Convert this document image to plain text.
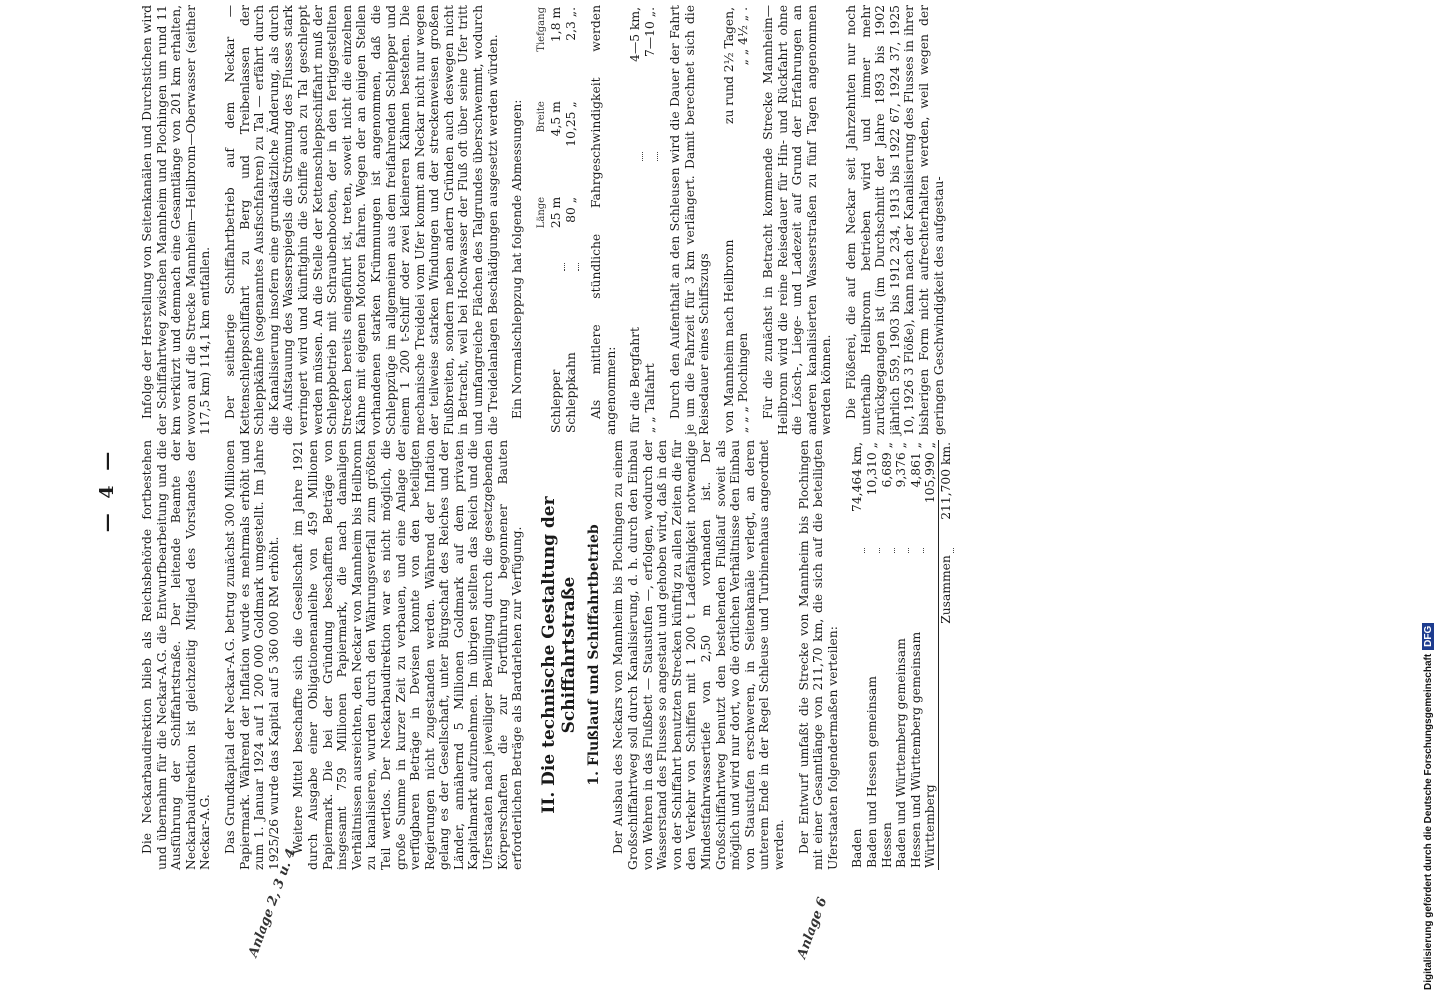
— 4 — Die Neckarbaudirektion blieb als Reichsbehörde fortbestehen und übernahm für die Neckar-A.G. die Entwurfbearbeitung und die Ausführung der Schiffahrtstraße. Der leitende Beamte der Neckarbaudirektion ist gleichzeitig Mitglied des Vorstandes der Neckar-A.G. Das Grundkapital der Neckar-A.G. betrug zunächst 300 Millionen Papiermark. Während der Inflation wurde es mehrmals erhöht und zum 1. Januar 1924 auf 1 200 000 Goldmark umgestellt. Im Jahre 1925/26 wurde das Kapital auf 5 360 000 RM erhöht. Weitere Mittel beschaffte sich die Gesellschaft im Jahre 1921 durch Ausgabe einer Obligationenanleihe von 459 Millionen Papiermark. Die bei der Gründung beschafften Beträge von insgesamt 759 Millionen Papiermark, die nach damaligen Verhältnissen ausreichten, den Neckar von Mannheim bis Heilbronn zu kanalisieren, wurden durch den Währungsverfall zum größten Teil wertlos. Der Neckarbaudirektion war es nicht möglich, die große Summe in kurzer Zeit zu verbauen, und eine Anlage der verfügbaren Beträge in Devisen konnte von den beteiligten Regierungen nicht zugestanden werden. Während der Inflation gelang es der Gesellschaft, unter Bürgschaft des Reiches und der Länder, annähernd 5 Millionen Goldmark auf dem privaten Kapitalmarkt aufzunehmen. Im übrigen stellten das Reich und die Uferstaaten nach jeweiliger Bewilligung durch die gesetzgebenden Körperschaften die zur Fortführung begonnener Bauten erforderlichen Beträge als Bardarlehen zur Verfügung. II. Die technische Gestaltung der Schiffahrtstraße 1. Flußlauf und Schiffahrtbetrieb Der Ausbau des Neckars von Mannheim bis Plochingen zu einem Großschiffahrtweg soll durch Kanalisierung, d. h. durch den Einbau von Wehren in das Flußbett — Staustufen —, erfolgen, wodurch der Wasserstand des Flusses so angestaut und gehoben wird, daß in den von der Schiffahrt benutzten Strecken künftig zu allen Zeiten die für den Verkehr von Schiffen mit 1 200 t Ladefähigkeit notwendige Mindestfahrwassertiefe von 2,50 m vorhanden ist. Der Großschiffahrtweg benutzt den bestehenden Flußlauf soweit als möglich und wird nur dort, wo die örtlichen Verhältnisse den Einbau von Staustufen erschweren, in Seitenkanäle verlegt, an deren unterem Ende in der Regel Schleuse und Turbinenhaus angeordnet werden. Der Entwurf umfaßt die Strecke von Mannheim bis Plochingen mit einer Gesamtlänge von 211,70 km, die sich auf die beteiligten Uferstaaten folgendermaßen verteilen: Baden		74,464 km,
Baden und Hessen gemeinsam		10,310 „
Hessen		6,689 „
Baden und Württemberg gemeinsam		9,376 „
Hessen und Württemberg gemeinsam		4,861 „
Württemberg		105,990 „
Zusammen		211,700 km.

Infolge der Herstellung von Seitenkanälen und Durchstichen wird der Schiffahrtweg zwischen Mannheim und Plochingen um rund 11 km verkürzt und demnach eine Gesamtlänge von 201 km erhalten, wovon auf die Strecke Mannheim—Heilbronn—Oberwasser (seither 117,5 km) 114,1 km entfallen. Der seitherige Schiffahrtbetrieb auf dem Neckar — Kettenschleppschiffahrt zu Berg und Treibenlassen der Schleppkähne (sogenanntes Ausfischfahren) zu Tal — erfährt durch die Kanalisierung insofern eine grundsätzliche Änderung, als durch die Aufstauung des Wasserspiegels die Strömung des Flusses stark verringert wird und künftighin die Schiffe auch zu Tal geschleppt werden müssen. An die Stelle der Kettenschleppschiffahrt muß der Schleppbetrieb mit Schraubenbooten, der in den fertiggestellten Strecken bereits eingeführt ist, treten, soweit nicht die einzelnen Kähne mit eigenen Motoren fahren. Wegen der an einigen Stellen vorhandenen starken Krümmungen ist angenommen, daß die Schleppzüge im allgemeinen aus dem freifahrenden Schlepper und einem 1 200 t-Schiff oder zwei kleineren Kähnen bestehen. Die mechanische Treidelei vom Ufer kommt am Neckar nicht nur wegen der teilweise starken Windungen und der streckenweisen großen Flußbreiten, sondern neben andern Gründen auch deswegen nicht in Betracht, weil bei Hochwasser der Fluß oft über seine Ufer tritt und umfangreiche Flächen des Talgrundes überschwemmt, wodurch die Treidelanlagen Beschädigungen ausgesetzt werden würden. Ein Normalschleppzug hat folgende Abmessungen:

		Länge	Breite	Tiefgang
Schlepper		25 m	4,5 m	1,8 m
Schleppkahn		80 „	10,25 „	2,3 „. Als mittlere stündliche Fahrgeschwindigkeit werden angenommen: für die Bergfahrt		4—5 km,
„ „ Talfahrt		7—10 „. Durch den Aufenthalt an den Schleusen wird die Dauer der Fahrt je um die Fahrzeit für 3 km verlängert. Damit berechnet sich die Reisedauer eines Schiffszugs von Mannheim nach Heilbronn	zu rund 2½ Tagen,
„ „ „ Plochingen	„ „ 4½ „ . Für die zunächst in Betracht kommende Strecke Mannheim—Heilbronn wird die reine Reisedauer für Hin- und Rückfahrt ohne die Lösch-, Liege- und Ladezeit auf Grund der Erfahrungen an anderen kanalisierten Wasserstraßen zu fünf Tagen angenommen werden können. Die Flößerei, die auf dem Neckar seit Jahrzehnten nur noch unterhalb Heilbronn betrieben wird und immer mehr zurückgegangen ist (im Durchschnitt der Jahre 1893 bis 1902 jährlich 559, 1903 bis 1912 234, 1913 bis 1922 67, 1924 37, 1925 10, 1926 3 Flöße), kann nach der Kanalisierung des Flusses in ihrer bisherigen Form nicht aufrechterhalten werden, weil wegen der geringen Geschwindigkeit des aufgestau-

Anlage 2, 3 u. 4	Anlage 6	Digitalisierung gefördert durch die Deutsche ForschungsgemeinschaftDFG
